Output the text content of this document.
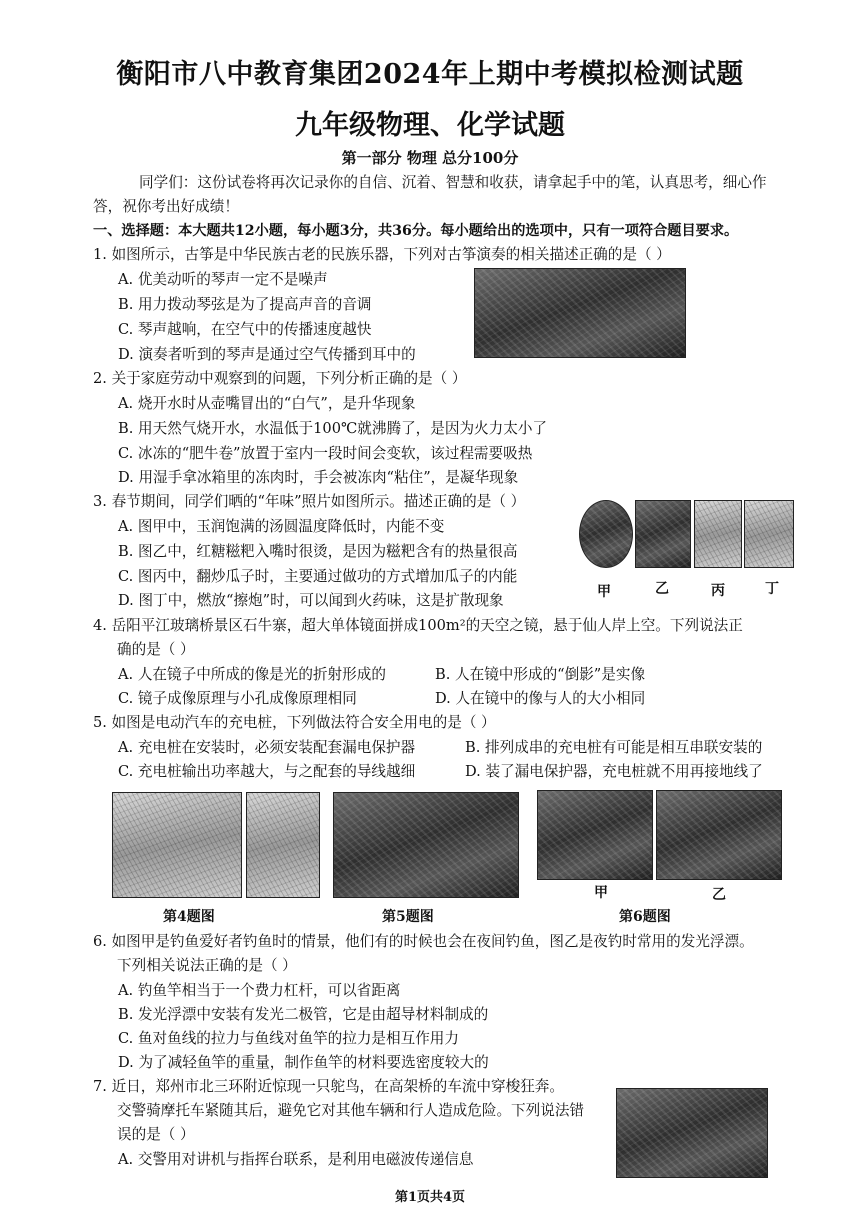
衡阳市八中教育集团2024年上期中考模拟检测试题
九年级物理、化学试题
第一部分 物理 总分100分
同学们：这份试卷将再次记录你的自信、沉着、智慧和收获，请拿起手中的笔，认真思考，细心作
答，祝你考出好成绩！
一、选择题：本大题共12小题，每小题3分，共36分。每小题给出的选项中，只有一项符合题目要求。
1. 如图所示，古筝是中华民族古老的民族乐器，下列对古筝演奏的相关描述正确的是（ ）
A. 优美动听的琴声一定不是噪声
B. 用力拨动琴弦是为了提高声音的音调
C. 琴声越响，在空气中的传播速度越快
D. 演奏者听到的琴声是通过空气传播到耳中的
2. 关于家庭劳动中观察到的问题，下列分析正确的是（ ）
A. 烧开水时从壶嘴冒出的“白气”，是升华现象
B. 用天然气烧开水，水温低于100℃就沸腾了，是因为火力太小了
C. 冰冻的“肥牛卷”放置于室内一段时间会变软，该过程需要吸热
D. 用湿手拿冰箱里的冻肉时，手会被冻肉“粘住”，是凝华现象
3. 春节期间，同学们晒的“年味”照片如图所示。描述正确的是（ ）
A. 图甲中，玉润饱满的汤圆温度降低时，内能不变
B. 图乙中，红糖糍粑入嘴时很烫，是因为糍粑含有的热量很高
C. 图丙中，翻炒瓜子时，主要通过做功的方式增加瓜子的内能
D. 图丁中，燃放“擦炮”时，可以闻到火药味，这是扩散现象	甲	乙	丙	丁
4. 岳阳平江玻璃桥景区石牛寨，超大单体镜面拼成100m²的天空之镜，悬于仙人岸上空。下列说法正
确的是（ ）
A. 人在镜子中所成的像是光的折射形成的	B. 人在镜中形成的“倒影”是实像
C. 镜子成像原理与小孔成像原理相同	D. 人在镜中的像与人的大小相同
5. 如图是电动汽车的充电桩，下列做法符合安全用电的是（ ）
A. 充电桩在安装时，必须安装配套漏电保护器	B. 排列成串的充电桩有可能是相互串联安装的
C. 充电桩输出功率越大，与之配套的导线越细	D. 装了漏电保护器，充电桩就不用再接地线了
甲	乙
第4题图	第5题图	第6题图
6. 如图甲是钓鱼爱好者钓鱼时的情景，他们有的时候也会在夜间钓鱼，图乙是夜钓时常用的发光浮漂。
下列相关说法正确的是（ ）
A. 钓鱼竿相当于一个费力杠杆，可以省距离
B. 发光浮漂中安装有发光二极管，它是由超导材料制成的
C. 鱼对鱼线的拉力与鱼线对鱼竿的拉力是相互作用力
D. 为了减轻鱼竿的重量，制作鱼竿的材料要选密度较大的
7. 近日，郑州市北三环附近惊现一只鸵鸟，在高架桥的车流中穿梭狂奔。
交警骑摩托车紧随其后，避免它对其他车辆和行人造成危险。下列说法错
误的是（ ）
A. 交警用对讲机与指挥台联系，是利用电磁波传递信息
第1页共4页
